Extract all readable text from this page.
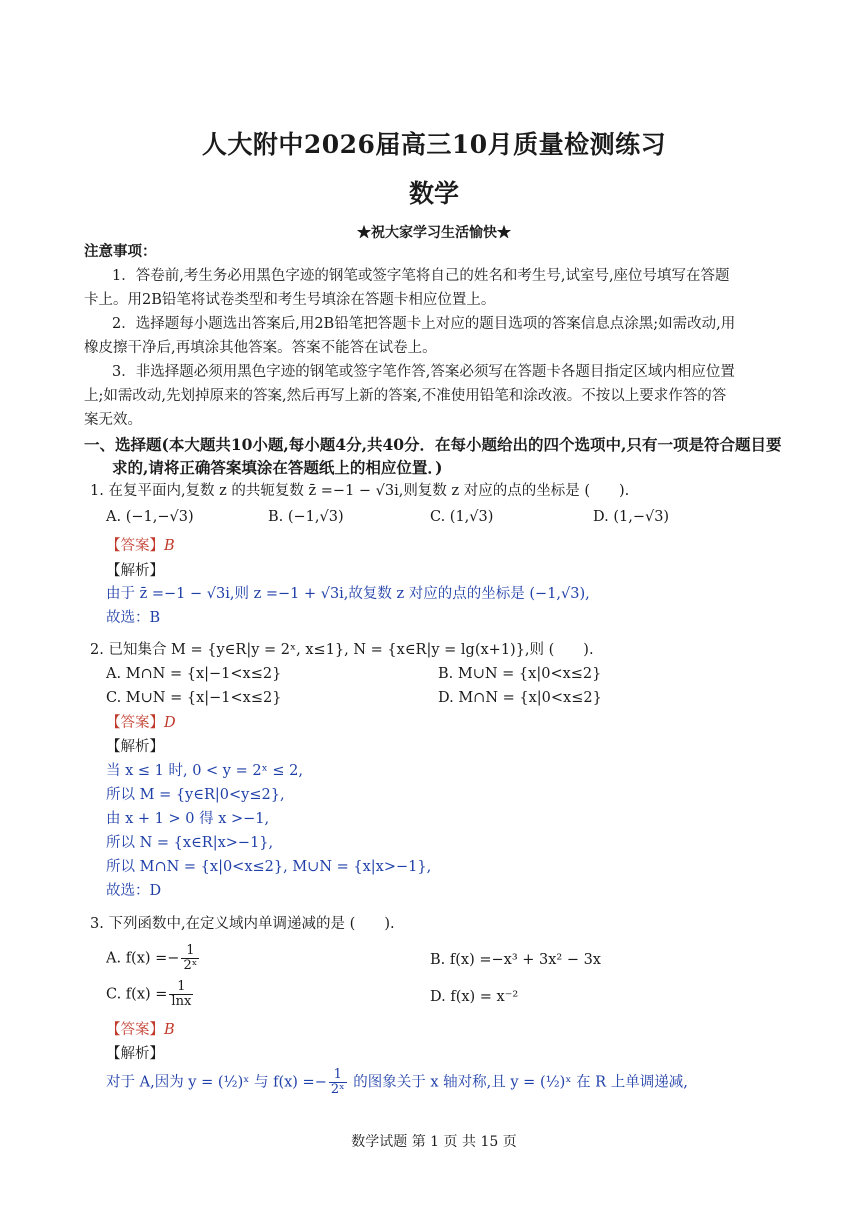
人大附中2026届高三10月质量检测练习
数学
★祝大家学习生活愉快★
注意事项：
1．答卷前,考生务必用黑色字迹的钢笔或签字笔将自己的姓名和考生号,试室号,座位号填写在答题
卡上。用2B铅笔将试卷类型和考生号填涂在答题卡相应位置上。
2．选择题每小题选出答案后,用2B铅笔把答题卡上对应的题目选项的答案信息点涂黑;如需改动,用
橡皮擦干净后,再填涂其他答案。答案不能答在试卷上。
3．非选择题必须用黑色字迹的钢笔或签字笔作答,答案必须写在答题卡各题目指定区域内相应位置
上;如需改动,先划掉原来的答案,然后再写上新的答案,不准使用铅笔和涂改液。不按以上要求作答的答
案无效。
一、选择题(本大题共10小题,每小题4分,共40分．在每小题给出的四个选项中,只有一项是符合题目要
求的,请将正确答案填涂在答题纸上的相应位置．)
1. 在复平面内,复数 z 的共轭复数 z̄ =−1 − √3i,则复数 z 对应的点的坐标是 (　　).
A. (−1,−√3)	B. (−1,√3)	C. (1,√3)	D. (1,−√3)
【答案】B
【解析】
由于 z̄ =−1 − √3i,则 z =−1 + √3i,故复数 z 对应的点的坐标是 (−1,√3),
故选：B
2. 已知集合 M = {y∈R|y = 2ˣ, x≤1}, N = {x∈R|y = lg(x+1)},则 (　　).
A. M∩N = {x|−1<x≤2}	B. M∪N = {x|0<x≤2}
C. M∪N = {x|−1<x≤2}	D. M∩N = {x|0<x≤2}
【答案】D
【解析】
当 x ≤ 1 时, 0 < y = 2ˣ ≤ 2,
所以 M = {y∈R|0<y≤2},
由 x + 1 > 0 得 x >−1,
所以 N = {x∈R|x>−1},
所以 M∩N = {x|0<x≤2}, M∪N = {x|x>−1},
故选：D
3. 下列函数中,在定义域内单调递减的是 (　　).
A. $f(x) =- \frac{1}{\text{2ˣ}}$	B. f(x) =−x³ + 3x² − 3x
C. $f(x) = \frac{1}{\ln x}$	D. f(x) = x⁻²
【答案】B
【解析】
对于 A,因为 y = (½)ˣ 与 $f(x) =- \frac{1}{\text{2ˣ}}$ 的图象关于 x 轴对称,且 y = (½)ˣ 在 R 上单调递减,
数学试题 第 1 页 共 15 页
